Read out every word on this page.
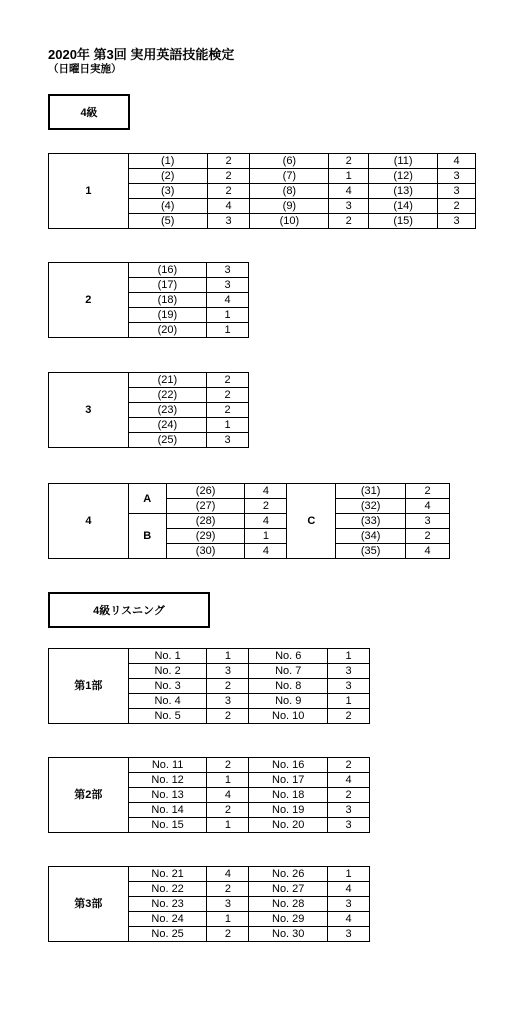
2020年 第3回 実用英語技能検定
（日曜日実施）
4級
1	(1)	2	(6)	2	(11)	4
	(2)	2	(7)	1	(12)	3
	(3)	2	(8)	4	(13)	3
	(4)	4	(9)	3	(14)	2
	(5)	3	(10)	2	(15)	3
2	(16)	3
	(17)	3
	(18)	4
	(19)	1
	(20)	1
3	(21)	2
	(22)	2
	(23)	2
	(24)	1
	(25)	3
4	A	(26)	4	C	(31)	2
		(27)	2		(32)	4
	B	(28)	4		(33)	3
		(29)	1		(34)	2
		(30)	4		(35)	4
4級リスニング
第1部	No. 1	1	No. 6	1
	No. 2	3	No. 7	3
	No. 3	2	No. 8	3
	No. 4	3	No. 9	1
	No. 5	2	No. 10	2
第2部	No. 11	2	No. 16	2
	No. 12	1	No. 17	4
	No. 13	4	No. 18	2
	No. 14	2	No. 19	3
	No. 15	1	No. 20	3
第3部	No. 21	4	No. 26	1
	No. 22	2	No. 27	4
	No. 23	3	No. 28	3
	No. 24	1	No. 29	4
	No. 25	2	No. 30	3
